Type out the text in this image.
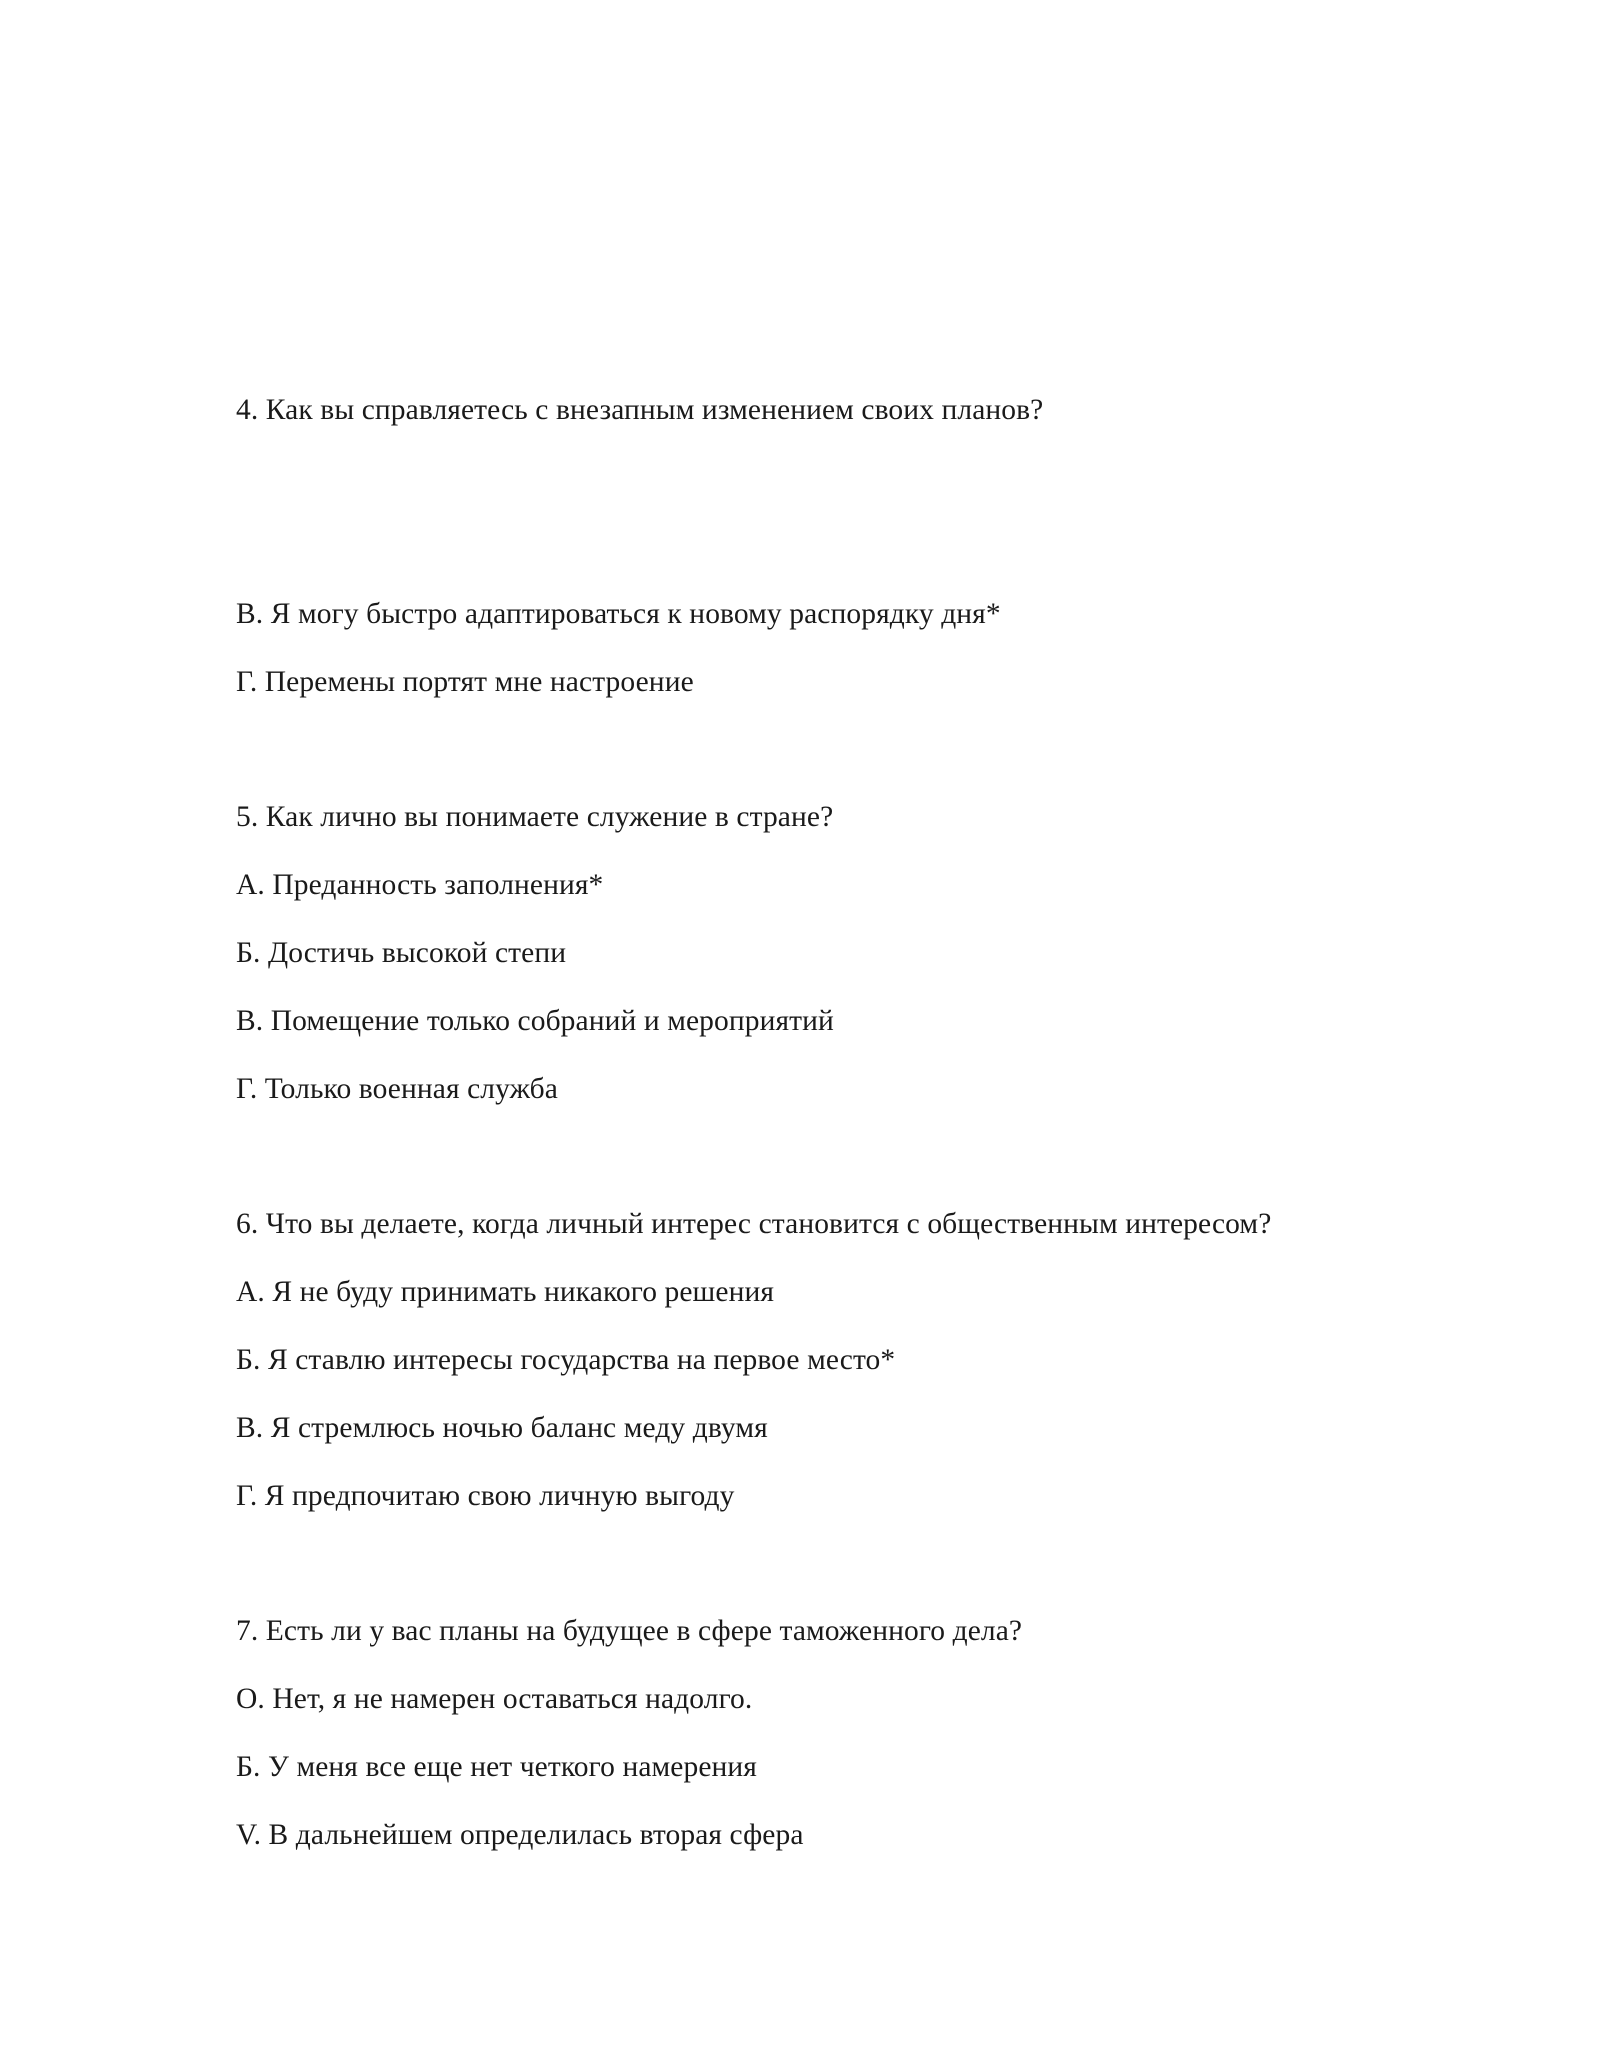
4. Как вы справляетесь с внезапным изменением своих планов?
В. Я могу быстро адаптироваться к новому распорядку дня*
Г. Перемены портят мне настроение
5. Как лично вы понимаете служение в стране?
А. Преданность заполнения*
Б. Достичь высокой степи
В. Помещение только собраний и мероприятий
Г. Только военная служба
6. Что вы делаете, когда личный интерес становится с общественным интересом?
А. Я не буду принимать никакого решения
Б. Я ставлю интересы государства на первое место*
В. Я стремлюсь ночью баланс меду двумя
Г. Я предпочитаю свою личную выгоду
7. Есть ли у вас планы на будущее в сфере таможенного дела?
О. Нет, я не намерен оставаться надолго.
Б. У меня все еще нет четкого намерения
V. В дальнейшем определилась вторая сфера
